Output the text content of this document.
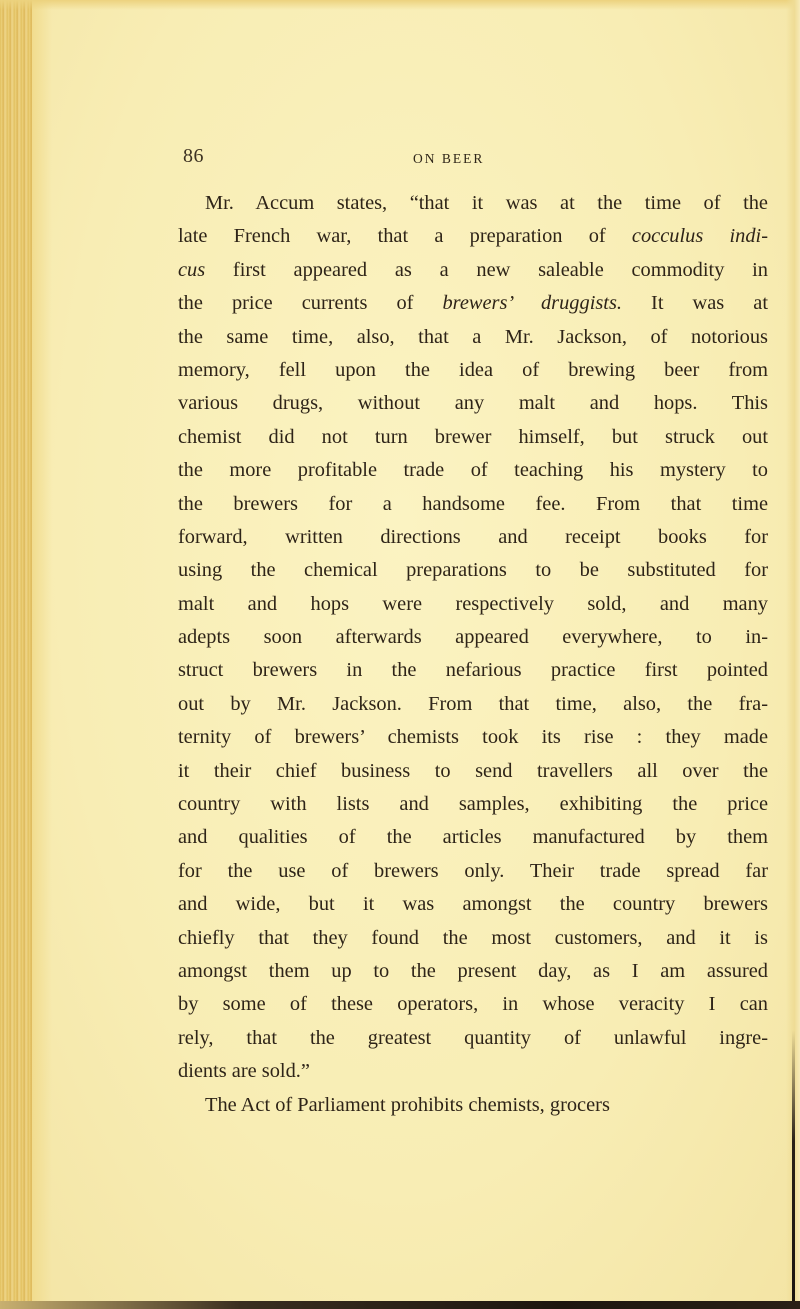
86	ON BEER
Mr. Accum states, “that it was at the time of the
late French war, that a preparation of cocculus indi-
cus first appeared as a new saleable commodity in
the price currents of brewers’ druggists. It was at
the same time, also, that a Mr. Jackson, of notorious
memory, fell upon the idea of brewing beer from
various drugs, without any malt and hops. This
chemist did not turn brewer himself, but struck out
the more profitable trade of teaching his mystery to
the brewers for a handsome fee. From that time
forward, written directions and receipt books for
using the chemical preparations to be substituted for
malt and hops were respectively sold, and many
adepts soon afterwards appeared everywhere, to in-
struct brewers in the nefarious practice first pointed
out by Mr. Jackson. From that time, also, the fra-
ternity of brewers’ chemists took its rise : they made
it their chief business to send travellers all over the
country with lists and samples, exhibiting the price
and qualities of the articles manufactured by them
for the use of brewers only. Their trade spread far
and wide, but it was amongst the country brewers
chiefly that they found the most customers, and it is
amongst them up to the present day, as I am assured
by some of these operators, in whose veracity I can
rely, that the greatest quantity of unlawful ingre-
dients are sold.”
The Act of Parliament prohibits chemists, grocers
